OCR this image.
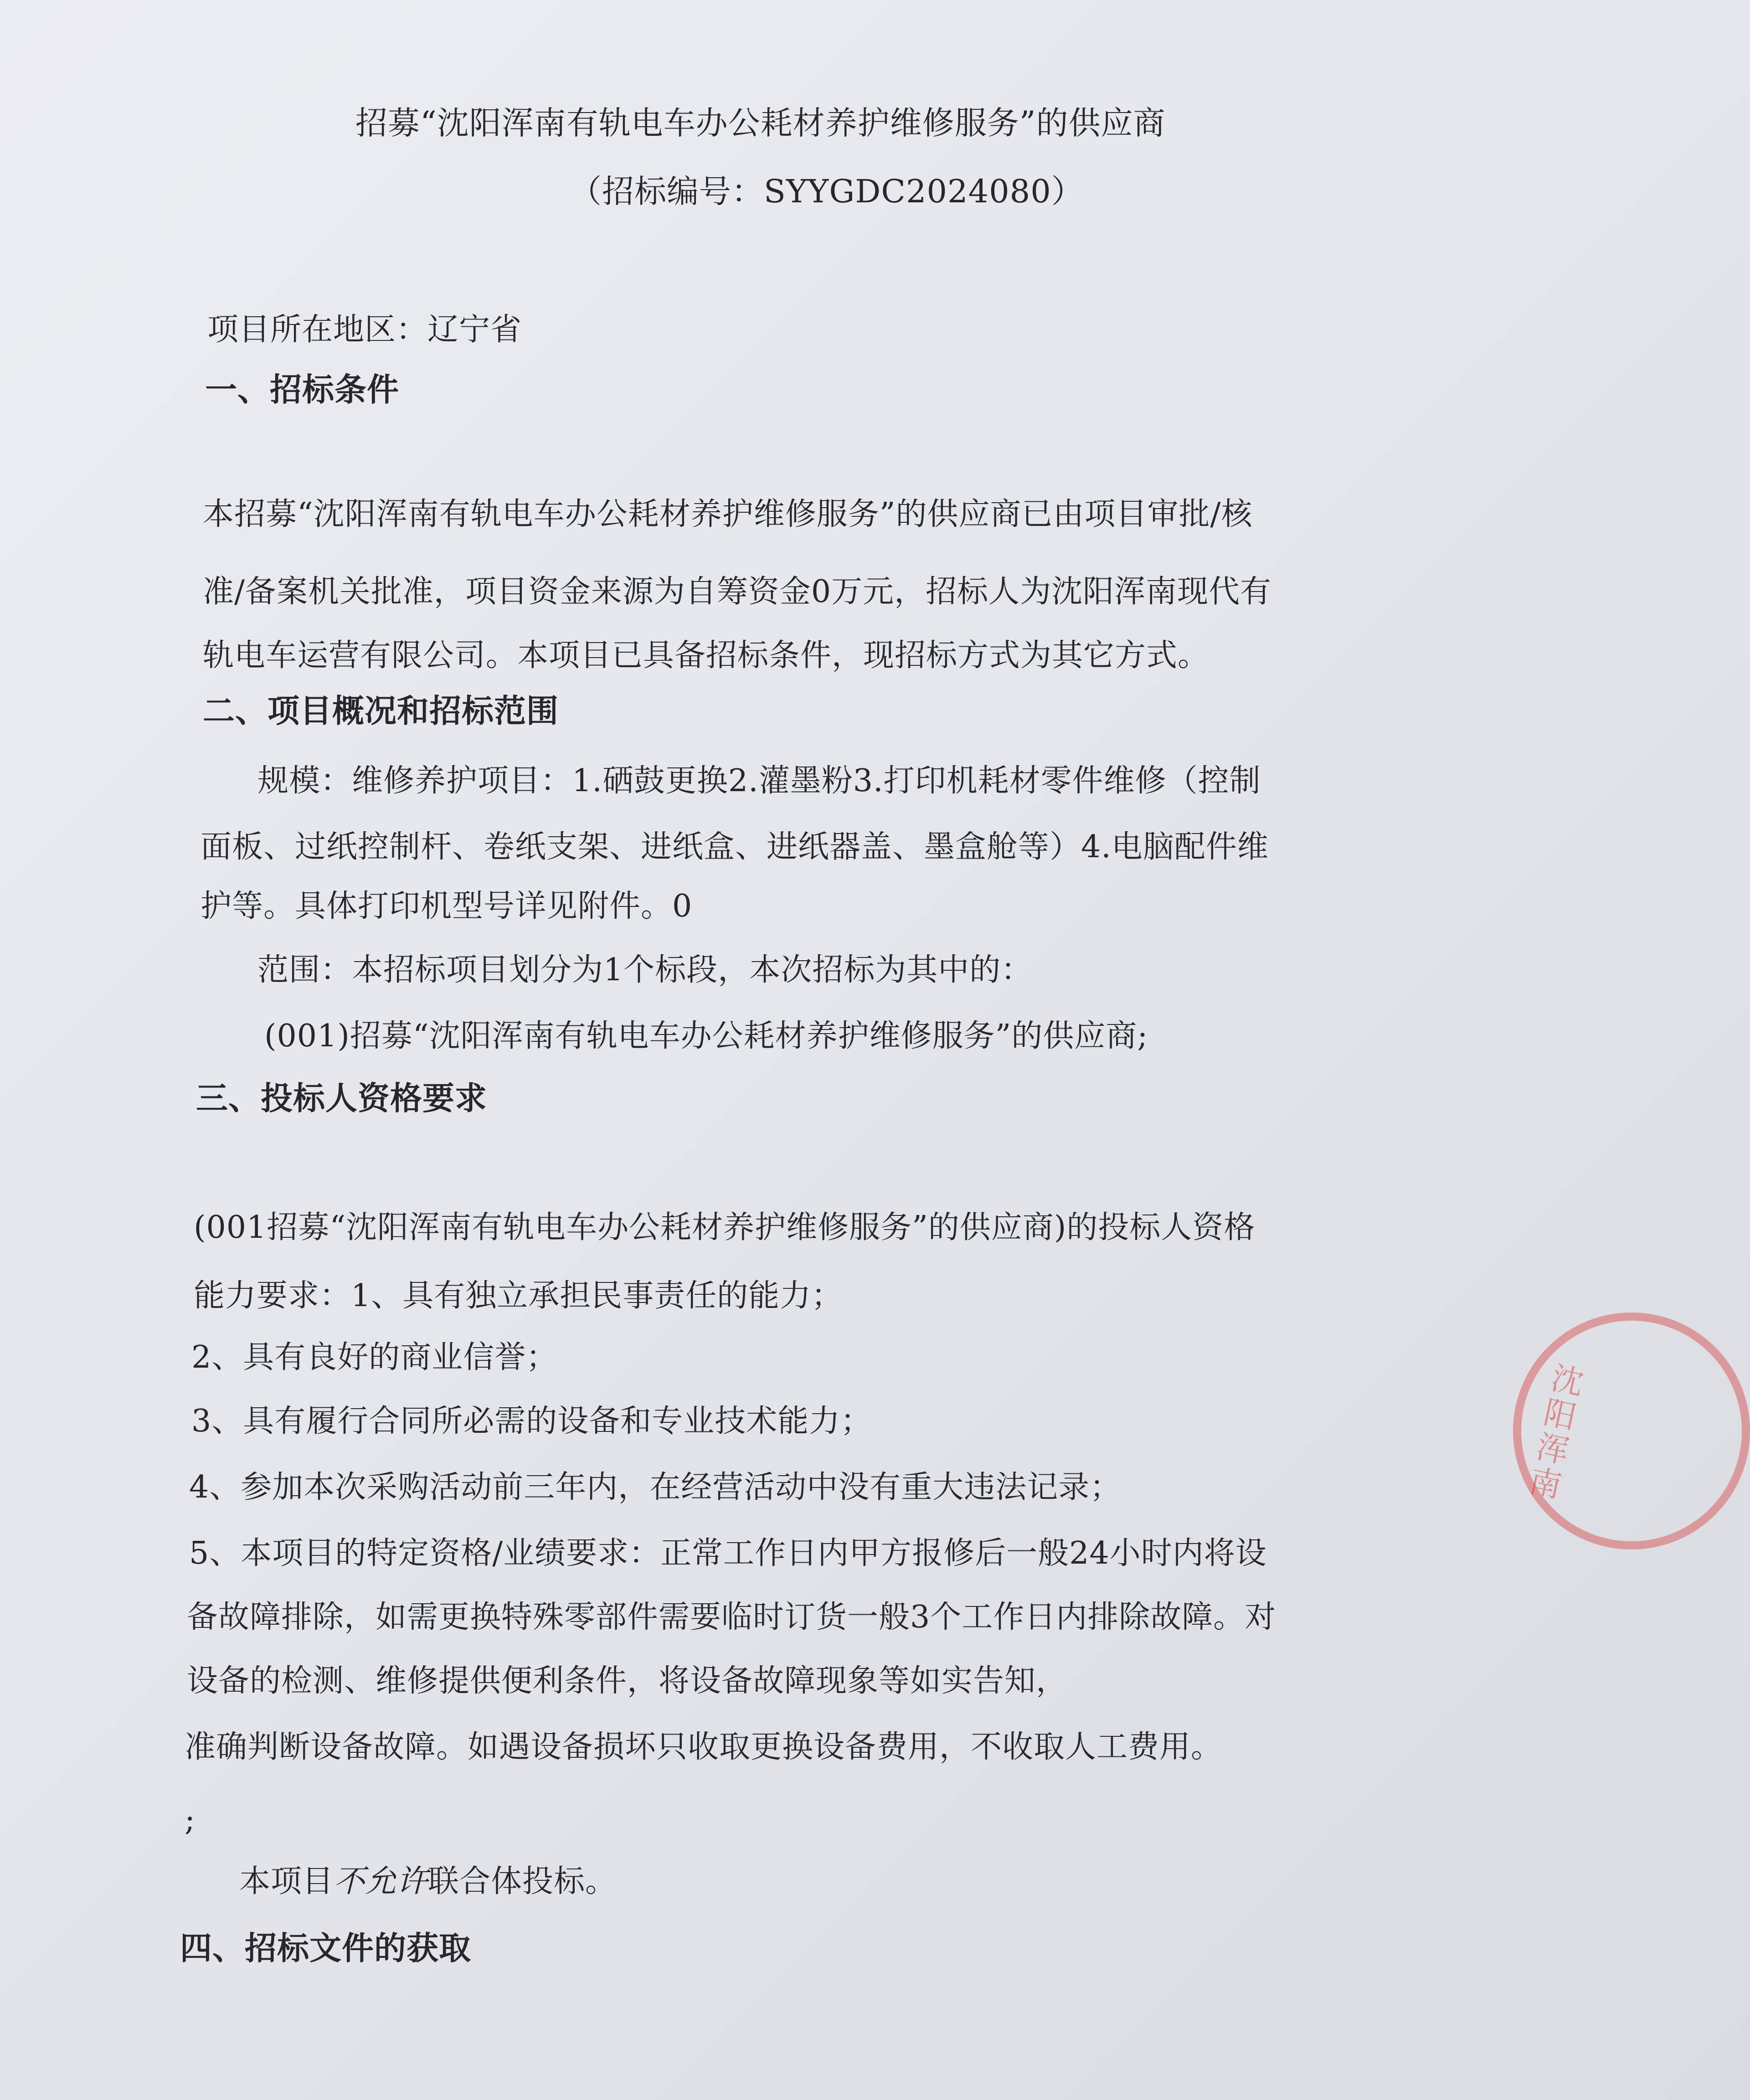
招募“沈阳浑南有轨电车办公耗材养护维修服务”的供应商
（招标编号：SYYGDC2024080）
项目所在地区：辽宁省
一、招标条件
本招募“沈阳浑南有轨电车办公耗材养护维修服务”的供应商已由项目审批/核
准/备案机关批准，项目资金来源为自筹资金0万元，招标人为沈阳浑南现代有
轨电车运营有限公司。本项目已具备招标条件，现招标方式为其它方式。
二、项目概况和招标范围
规模：维修养护项目：1.硒鼓更换2.灌墨粉3.打印机耗材零件维修（控制
面板、过纸控制杆、卷纸支架、进纸盒、进纸器盖、墨盒舱等）4.电脑配件维
护等。具体打印机型号详见附件。0
范围：本招标项目划分为1个标段，本次招标为其中的：
(001)招募“沈阳浑南有轨电车办公耗材养护维修服务”的供应商;
三、投标人资格要求
(001招募“沈阳浑南有轨电车办公耗材养护维修服务”的供应商)的投标人资格
能力要求：1、具有独立承担民事责任的能力；
2、具有良好的商业信誉；
3、具有履行合同所必需的设备和专业技术能力；
4、参加本次采购活动前三年内，在经营活动中没有重大违法记录；
5、本项目的特定资格/业绩要求：正常工作日内甲方报修后一般24小时内将设
备故障排除，如需更换特殊零部件需要临时订货一般3个工作日内排除故障。对
设备的检测、维修提供便利条件，将设备故障现象等如实告知，
准确判断设备故障。如遇设备损坏只收取更换设备费用，不收取人工费用。
;
本项目不允许联合体投标。
四、招标文件的获取
沈阳浑南
